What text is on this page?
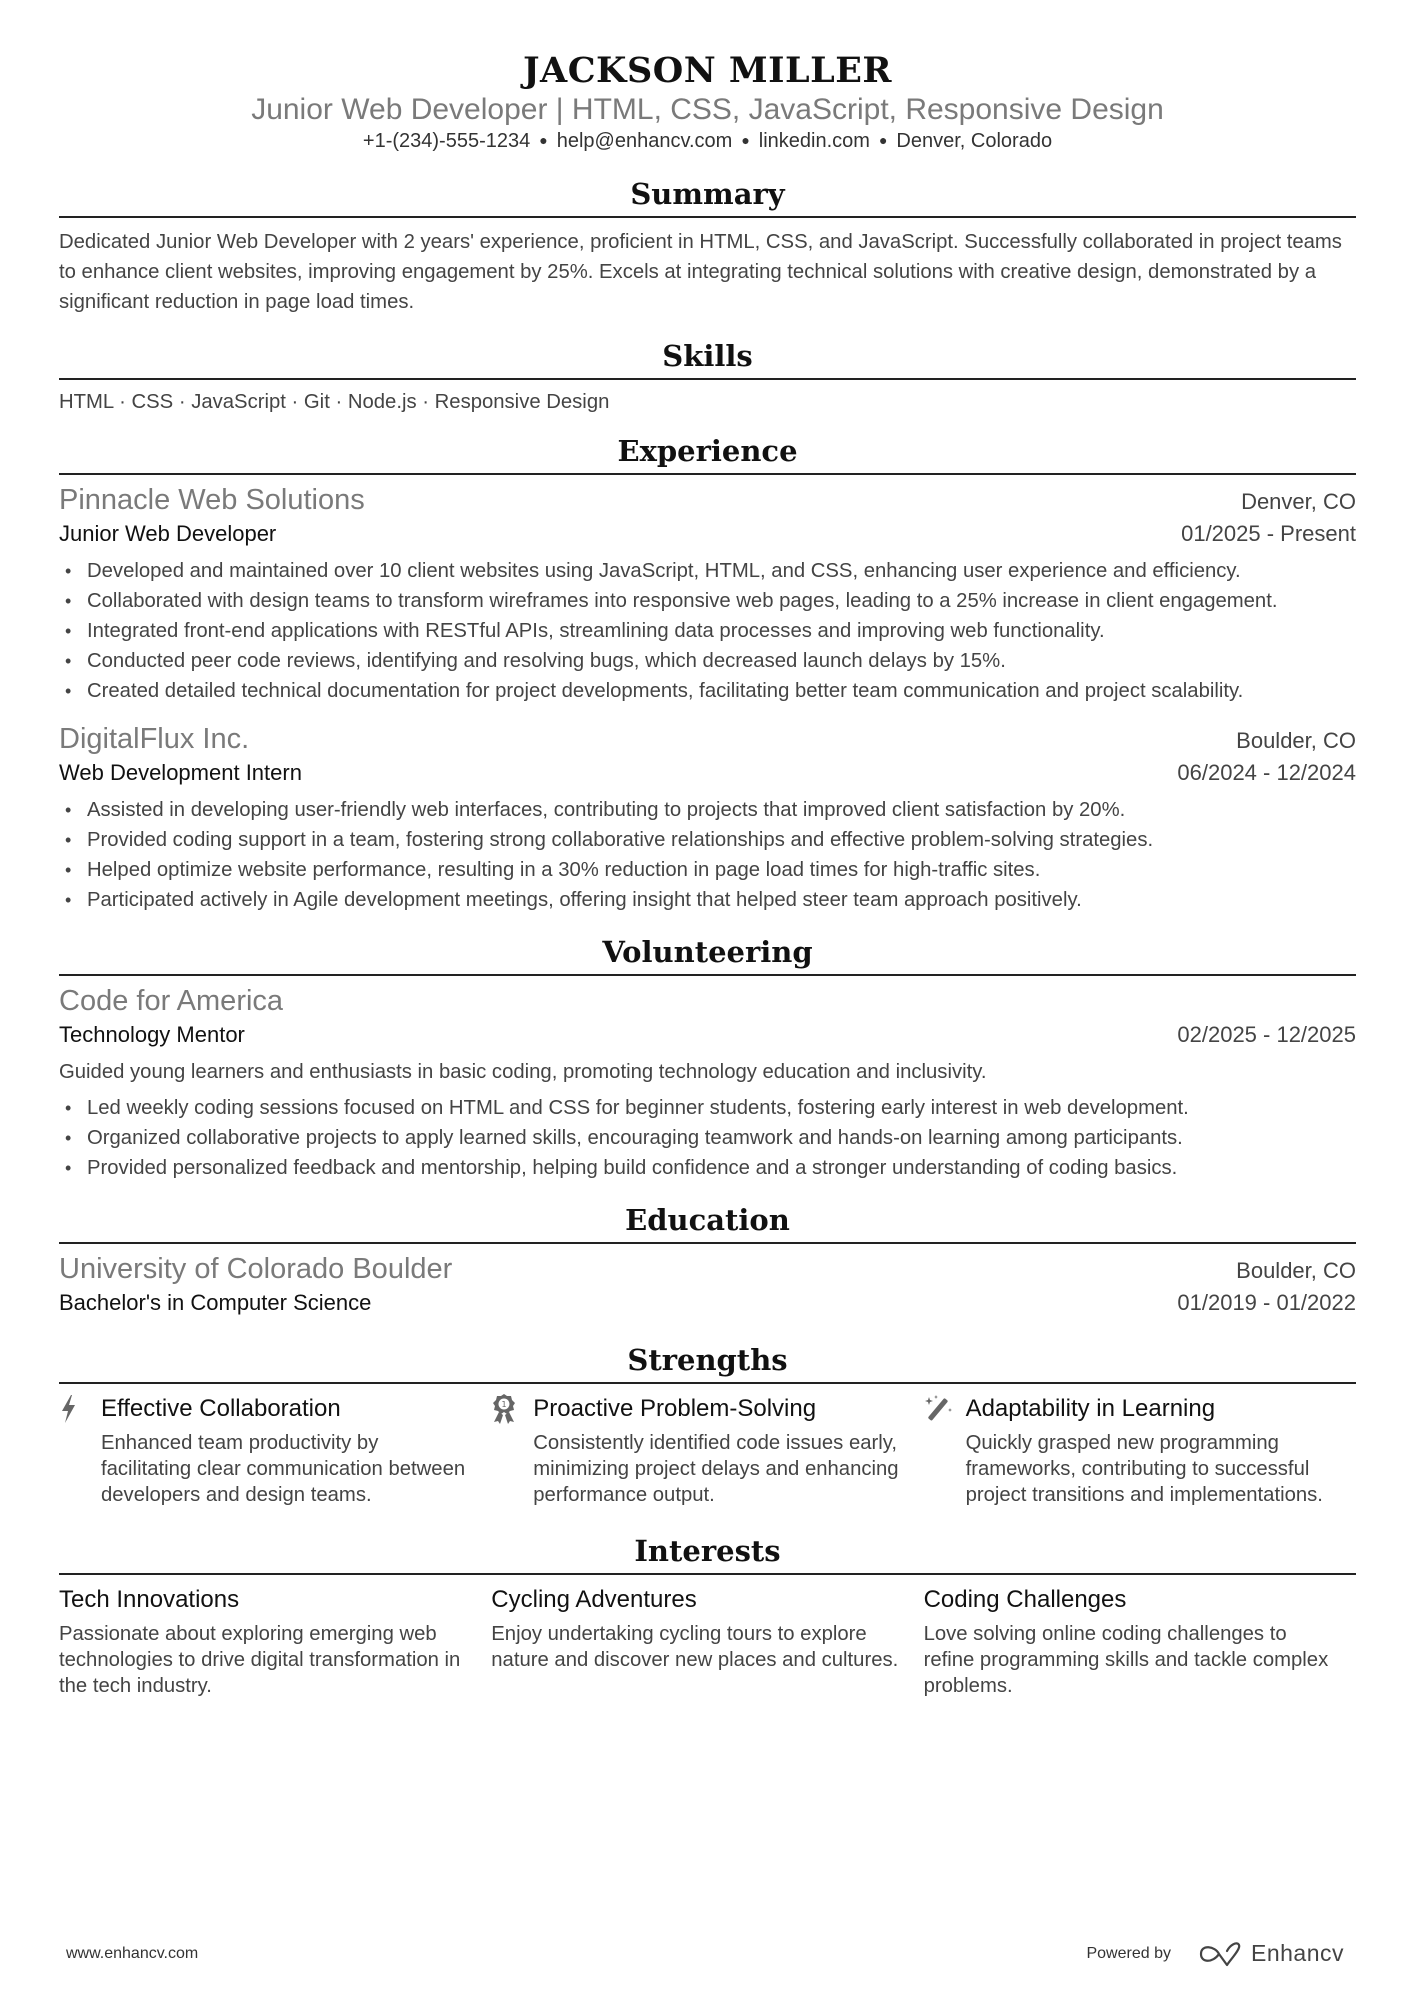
JACKSON MILLER
Junior Web Developer | HTML, CSS, JavaScript, Responsive Design
+1-(234)-555-1234 ● help@enhancv.com ● linkedin.com ● Denver, Colorado
Summary
Dedicated Junior Web Developer with 2 years' experience, proficient in HTML, CSS, and JavaScript. Successfully collaborated in project teams to enhance client websites, improving engagement by 25%. Excels at integrating technical solutions with creative design, demonstrated by a significant reduction in page load times.
Skills
HTML · CSS · JavaScript · Git · Node.js · Responsive Design
Experience
Pinnacle Web Solutions	Denver, CO
Junior Web Developer	01/2025 - Present
• Developed and maintained over 10 client websites using JavaScript, HTML, and CSS, enhancing user experience and efficiency.
• Collaborated with design teams to transform wireframes into responsive web pages, leading to a 25% increase in client engagement.
• Integrated front-end applications with RESTful APIs, streamlining data processes and improving web functionality.
• Conducted peer code reviews, identifying and resolving bugs, which decreased launch delays by 15%.
• Created detailed technical documentation for project developments, facilitating better team communication and project scalability.
DigitalFlux Inc.	Boulder, CO
Web Development Intern	06/2024 - 12/2024
• Assisted in developing user-friendly web interfaces, contributing to projects that improved client satisfaction by 20%.
• Provided coding support in a team, fostering strong collaborative relationships and effective problem-solving strategies.
• Helped optimize website performance, resulting in a 30% reduction in page load times for high-traffic sites.
• Participated actively in Agile development meetings, offering insight that helped steer team approach positively.
Volunteering
Code for America
Technology Mentor	02/2025 - 12/2025
Guided young learners and enthusiasts in basic coding, promoting technology education and inclusivity.
• Led weekly coding sessions focused on HTML and CSS for beginner students, fostering early interest in web development.
• Organized collaborative projects to apply learned skills, encouraging teamwork and hands-on learning among participants.
• Provided personalized feedback and mentorship, helping build confidence and a stronger understanding of coding basics.
Education
University of Colorado Boulder	Boulder, CO
Bachelor's in Computer Science	01/2019 - 01/2022
Strengths
Effective Collaboration
Enhanced team productivity by facilitating clear communication between developers and design teams.
1 Proactive Problem-Solving
Consistently identified code issues early, minimizing project delays and enhancing performance output.
Adaptability in Learning
Quickly grasped new programming frameworks, contributing to successful project transitions and implementations.
Interests
Tech Innovations
Passionate about exploring emerging web technologies to drive digital transformation in the tech industry.
Cycling Adventures
Enjoy undertaking cycling tours to explore nature and discover new places and cultures.
Coding Challenges
Love solving online coding challenges to refine programming skills and tackle complex problems.
www.enhancv.com	Powered by	Enhancv
